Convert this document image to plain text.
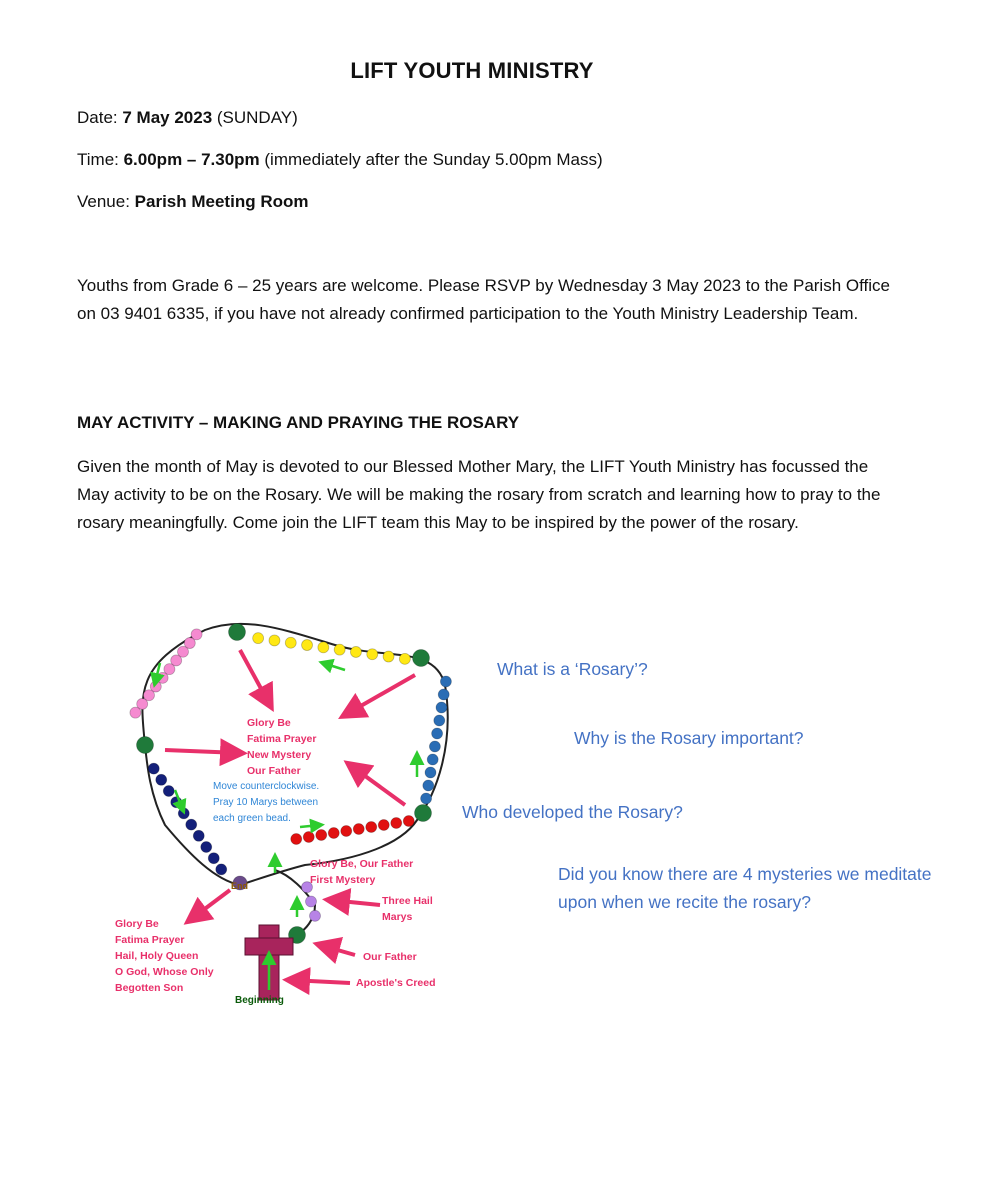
LIFT YOUTH MINISTRY
Date: 7 May 2023 (SUNDAY)
Time: 6.00pm – 7.30pm (immediately after the Sunday 5.00pm Mass)
Venue: Parish Meeting Room
Youths from Grade 6 – 25 years are welcome. Please RSVP by Wednesday 3 May 2023 to the Parish Office on 03 9401 6335, if you have not already confirmed participation to the Youth Ministry Leadership Team.
MAY ACTIVITY – MAKING AND PRAYING THE ROSARY
Given the month of May is devoted to our Blessed Mother Mary, the LIFT Youth Ministry has focussed the May activity to be on the Rosary. We will be making the rosary from scratch and learning how to pray to the rosary meaningfully. Come join the LIFT team this May to be inspired by the power of the rosary.
Glory Be Fatima Prayer New Mystery Our Father
Move counterclockwise. Pray 10 Marys between each green bead.
End
Glory Be, Our Father First Mystery
Three Hail Marys
Our Father
Apostle's Creed
Glory Be Fatima Prayer Hail, Holy Queen O God, Whose Only Begotten Son
Beginning
What is a ‘Rosary’?
Why is the Rosary important?
Who developed the Rosary?
Did you know there are 4 mysteries we meditate upon when we recite the rosary?
